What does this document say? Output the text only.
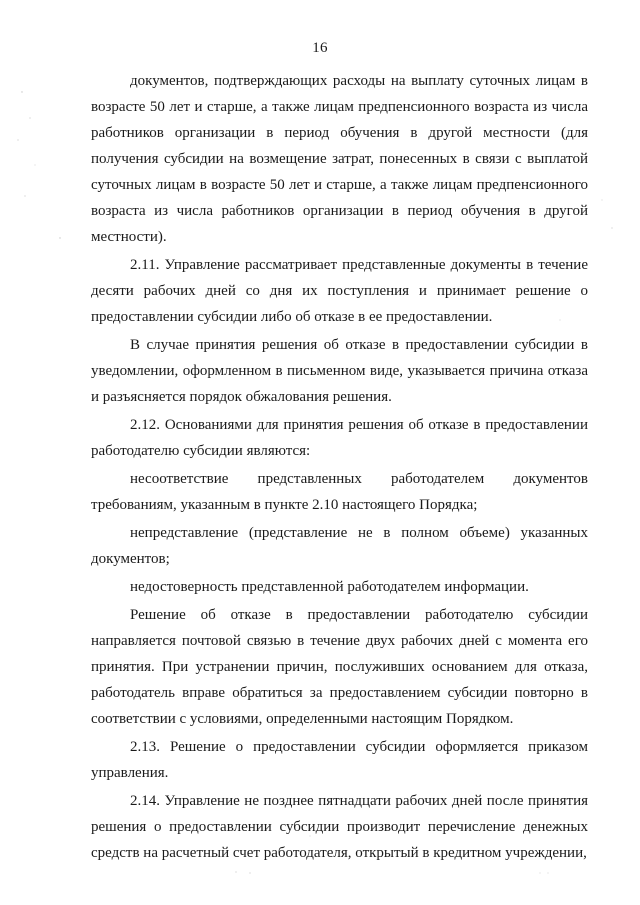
16

документов, подтверждающих расходы на выплату суточных лицам в возрасте 50 лет и старше, а также лицам предпенсионного возраста из числа работников организации в период обучения в другой местности (для получения субсидии на возмещение затрат, понесенных в связи с выплатой суточных лицам в возрасте 50 лет и старше, а также лицам предпенсионного возраста из числа работников организации в период обучения в другой местности).

2.11. Управление рассматривает представленные документы в течение десяти рабочих дней со дня их поступления и принимает решение о предоставлении субсидии либо об отказе в ее предоставлении.

В случае принятия решения об отказе в предоставлении субсидии в уведомлении, оформленном в письменном виде, указывается причина отказа и разъясняется порядок обжалования решения.

2.12. Основаниями для принятия решения об отказе в предоставлении работодателю субсидии являются:

несоответствие представленных работодателем документов требованиям, указанным в пункте 2.10 настоящего Порядка;

непредставление (представление не в полном объеме) указанных документов;

недостоверность представленной работодателем информации.

Решение об отказе в предоставлении работодателю субсидии направляется почтовой связью в течение двух рабочих дней с момента его принятия. При устранении причин, послуживших основанием для отказа, работодатель вправе обратиться за предоставлением субсидии повторно в соответствии с условиями, определенными настоящим Порядком.

2.13. Решение о предоставлении субсидии оформляется приказом управления.

2.14. Управление не позднее пятнадцати рабочих дней после принятия решения о предоставлении субсидии производит перечисление денежных средств на расчетный счет работодателя, открытый в кредитном учреждении,
